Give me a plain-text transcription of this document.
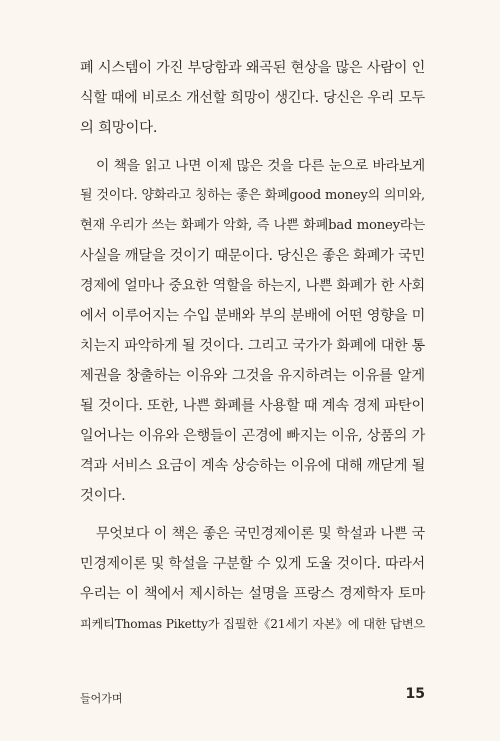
폐 시스템이 가진 부당함과 왜곡된 현상을 많은 사람이 인
식할 때에 비로소 개선할 희망이 생긴다. 당신은 우리 모두
의 희망이다.
이 책을 읽고 나면 이제 많은 것을 다른 눈으로 바라보게
될 것이다. 양화라고 칭하는 좋은 화폐good money의 의미와,
현재 우리가 쓰는 화폐가 악화, 즉 나쁜 화폐bad money라는
사실을 깨달을 것이기 때문이다. 당신은 좋은 화폐가 국민
경제에 얼마나 중요한 역할을 하는지, 나쁜 화폐가 한 사회
에서 이루어지는 수입 분배와 부의 분배에 어떤 영향을 미
치는지 파악하게 될 것이다. 그리고 국가가 화폐에 대한 통
제권을 창출하는 이유와 그것을 유지하려는 이유를 알게
될 것이다. 또한, 나쁜 화폐를 사용할 때 계속 경제 파탄이
일어나는 이유와 은행들이 곤경에 빠지는 이유, 상품의 가
격과 서비스 요금이 계속 상승하는 이유에 대해 깨닫게 될
것이다.
무엇보다 이 책은 좋은 국민경제이론 및 학설과 나쁜 국
민경제이론 및 학설을 구분할 수 있게 도울 것이다. 따라서
우리는 이 책에서 제시하는 설명을 프랑스 경제학자 토마
피케티Thomas Piketty가 집필한《21세기 자본》에 대한 답변으
들어가며	15
